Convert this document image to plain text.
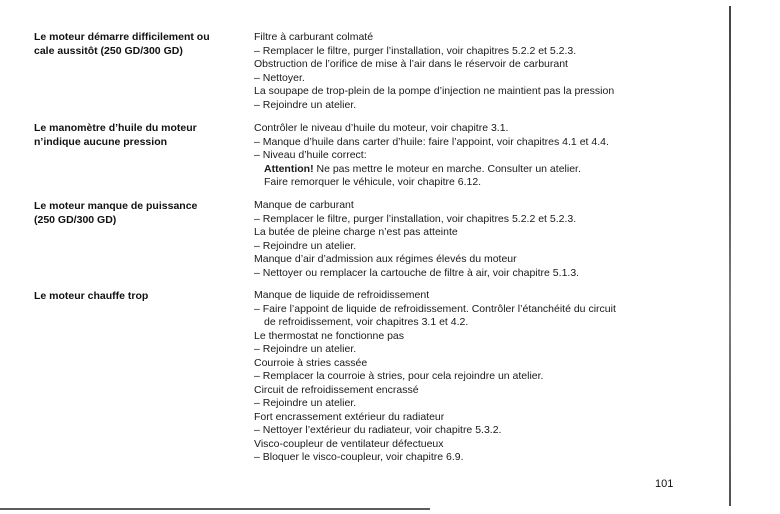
Le moteur démarre difficilement ou
cale aussitôt (250 GD/300 GD)
Filtre à carburant colmaté
– Remplacer le filtre, purger l’installation, voir chapitres 5.2.2 et 5.2.3.
Obstruction de l’orifice de mise à l’air dans le réservoir de carburant
– Nettoyer.
La soupape de trop-plein de la pompe d’injection ne maintient pas la pression
– Rejoindre un atelier.
Le manomètre d’huile du moteur
n’indique aucune pression
Contrôler le niveau d’huile du moteur, voir chapitre 3.1.
– Manque d’huile dans carter d’huile: faire l’appoint, voir chapitres 4.1 et 4.4.
– Niveau d’huile correct:
Attention! Ne pas mettre le moteur en marche. Consulter un atelier.
Faire remorquer le véhicule, voir chapitre 6.12.
Le moteur manque de puissance
(250 GD/300 GD)
Manque de carburant
– Remplacer le filtre, purger l’installation, voir chapitres 5.2.2 et 5.2.3.
La butée de pleine charge n’est pas atteinte
– Rejoindre un atelier.
Manque d’air d’admission aux régimes élevés du moteur
– Nettoyer ou remplacer la cartouche de filtre à air, voir chapitre 5.1.3.
Le moteur chauffe trop	Manque de liquide de refroidissement
– Faire l’appoint de liquide de refroidissement. Contrôler l’étanchéité du circuit
de refroidissement, voir chapitres 3.1 et 4.2.
Le thermostat ne fonctionne pas
– Rejoindre un atelier.
Courroie à stries cassée
– Remplacer la courroie à stries, pour cela rejoindre un atelier.
Circuit de refroidissement encrassé
– Rejoindre un atelier.
Fort encrassement extérieur du radiateur
– Nettoyer l’extérieur du radiateur, voir chapitre 5.3.2.
Visco-coupleur de ventilateur défectueux
– Bloquer le visco-coupleur, voir chapitre 6.9.
101
